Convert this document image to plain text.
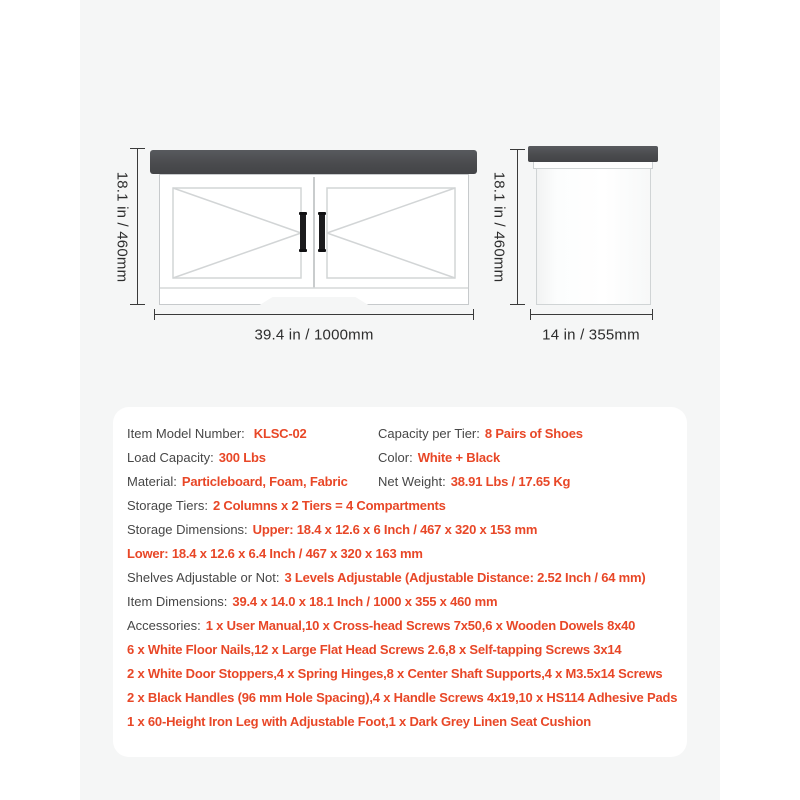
18.1 in / 460mm
39.4 in / 1000mm
18.1 in / 460mm
14 in / 355mm
Item Model Number: KLSC-02	Capacity per Tier: 8 Pairs of Shoes
Load Capacity: 300 Lbs	Color: White + Black
Material: Particleboard, Foam, Fabric	Net Weight: 38.91 Lbs / 17.65 Kg
Storage Tiers: 2 Columns x 2 Tiers = 4 Compartments
Storage Dimensions: Upper: 18.4 x 12.6 x 6 Inch / 467 x 320 x 153 mm
Lower: 18.4 x 12.6 x 6.4 Inch / 467 x 320 x 163 mm
Shelves Adjustable or Not: 3 Levels Adjustable (Adjustable Distance: 2.52 Inch / 64 mm)
Item Dimensions: 39.4 x 14.0 x 18.1 Inch / 1000 x 355 x 460 mm
Accessories: 1 x User Manual,10 x Cross-head Screws 7x50,6 x Wooden Dowels 8x40
6 x White Floor Nails,12 x Large Flat Head Screws 2.6,8 x Self-tapping Screws 3x14
2 x White Door Stoppers,4 x Spring Hinges,8 x Center Shaft Supports,4 x M3.5x14 Screws
2 x Black Handles (96 mm Hole Spacing),4 x Handle Screws 4x19,10 x HS114 Adhesive Pads
1 x 60-Height Iron Leg with Adjustable Foot,1 x Dark Grey Linen Seat Cushion
